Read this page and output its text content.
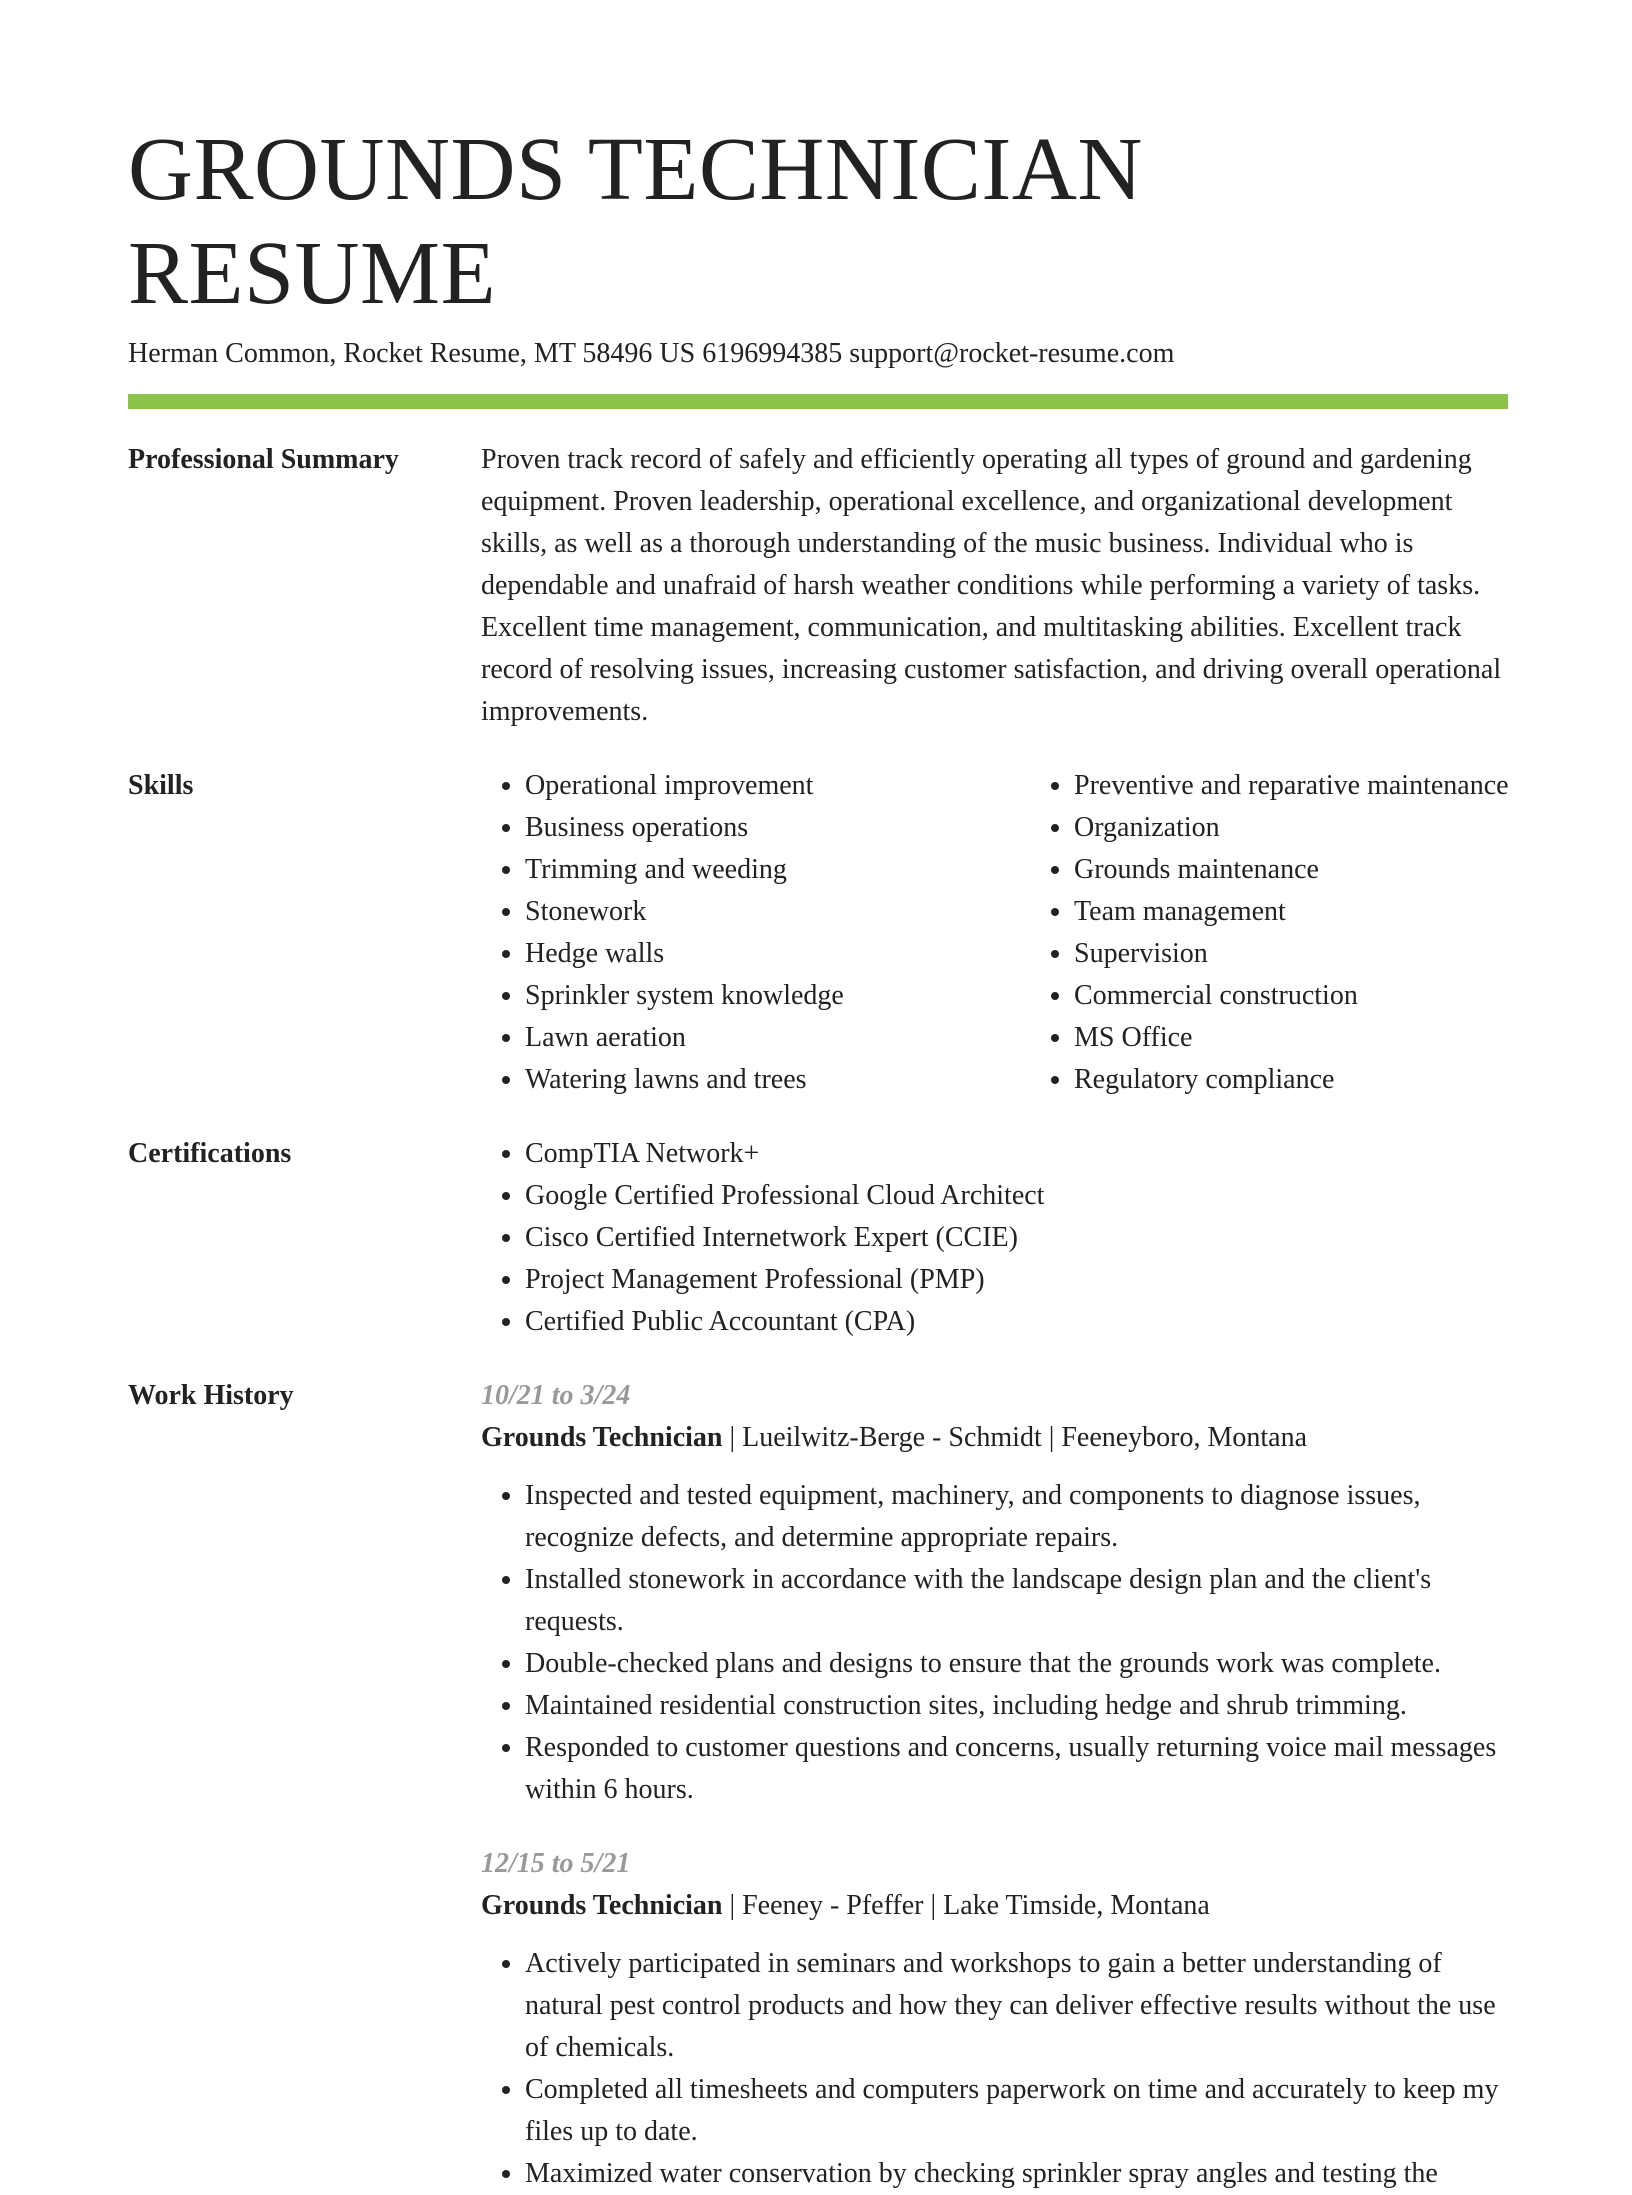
GROUNDS TECHNICIAN RESUME
Herman Common, Rocket Resume, MT 58496 US 6196994385 support@rocket-resume.com
Professional Summary	Proven track record of safely and efficiently operating all types of ground and gardening equipment. Proven leadership, operational excellence, and organizational development skills, as well as a thorough understanding of the music business. Individual who is dependable and unafraid of harsh weather conditions while performing a variety of tasks. Excellent time management, communication, and multitasking abilities. Excellent track record of resolving issues, increasing customer satisfaction, and driving overall operational improvements.
Skills	• Operational improvement
• Business operations
• Trimming and weeding
• Stonework
• Hedge walls
• Sprinkler system knowledge
• Lawn aeration
• Watering lawns and trees
• Preventive and reparative maintenance
• Organization
• Grounds maintenance
• Team management
• Supervision
• Commercial construction
• MS Office
• Regulatory compliance
Certifications	• CompTIA Network+
• Google Certified Professional Cloud Architect
• Cisco Certified Internetwork Expert (CCIE)
• Project Management Professional (PMP)
• Certified Public Accountant (CPA)
Work History	10/21 to 3/24
Grounds Technician | Lueilwitz-Berge - Schmidt | Feeneyboro, Montana
• Inspected and tested equipment, machinery, and components to diagnose issues, recognize defects, and determine appropriate repairs.
• Installed stonework in accordance with the landscape design plan and the client's requests.
• Double-checked plans and designs to ensure that the grounds work was complete.
• Maintained residential construction sites, including hedge and shrub trimming.
• Responded to customer questions and concerns, usually returning voice mail messages within 6 hours.
12/15 to 5/21
Grounds Technician | Feeney - Pfeffer | Lake Timside, Montana
• Actively participated in seminars and workshops to gain a better understanding of natural pest control products and how they can deliver effective results without the use of chemicals.
• Completed all timesheets and computers paperwork on time and accurately to keep my files up to date.
• Maximized water conservation by checking sprinkler spray angles and testing the
